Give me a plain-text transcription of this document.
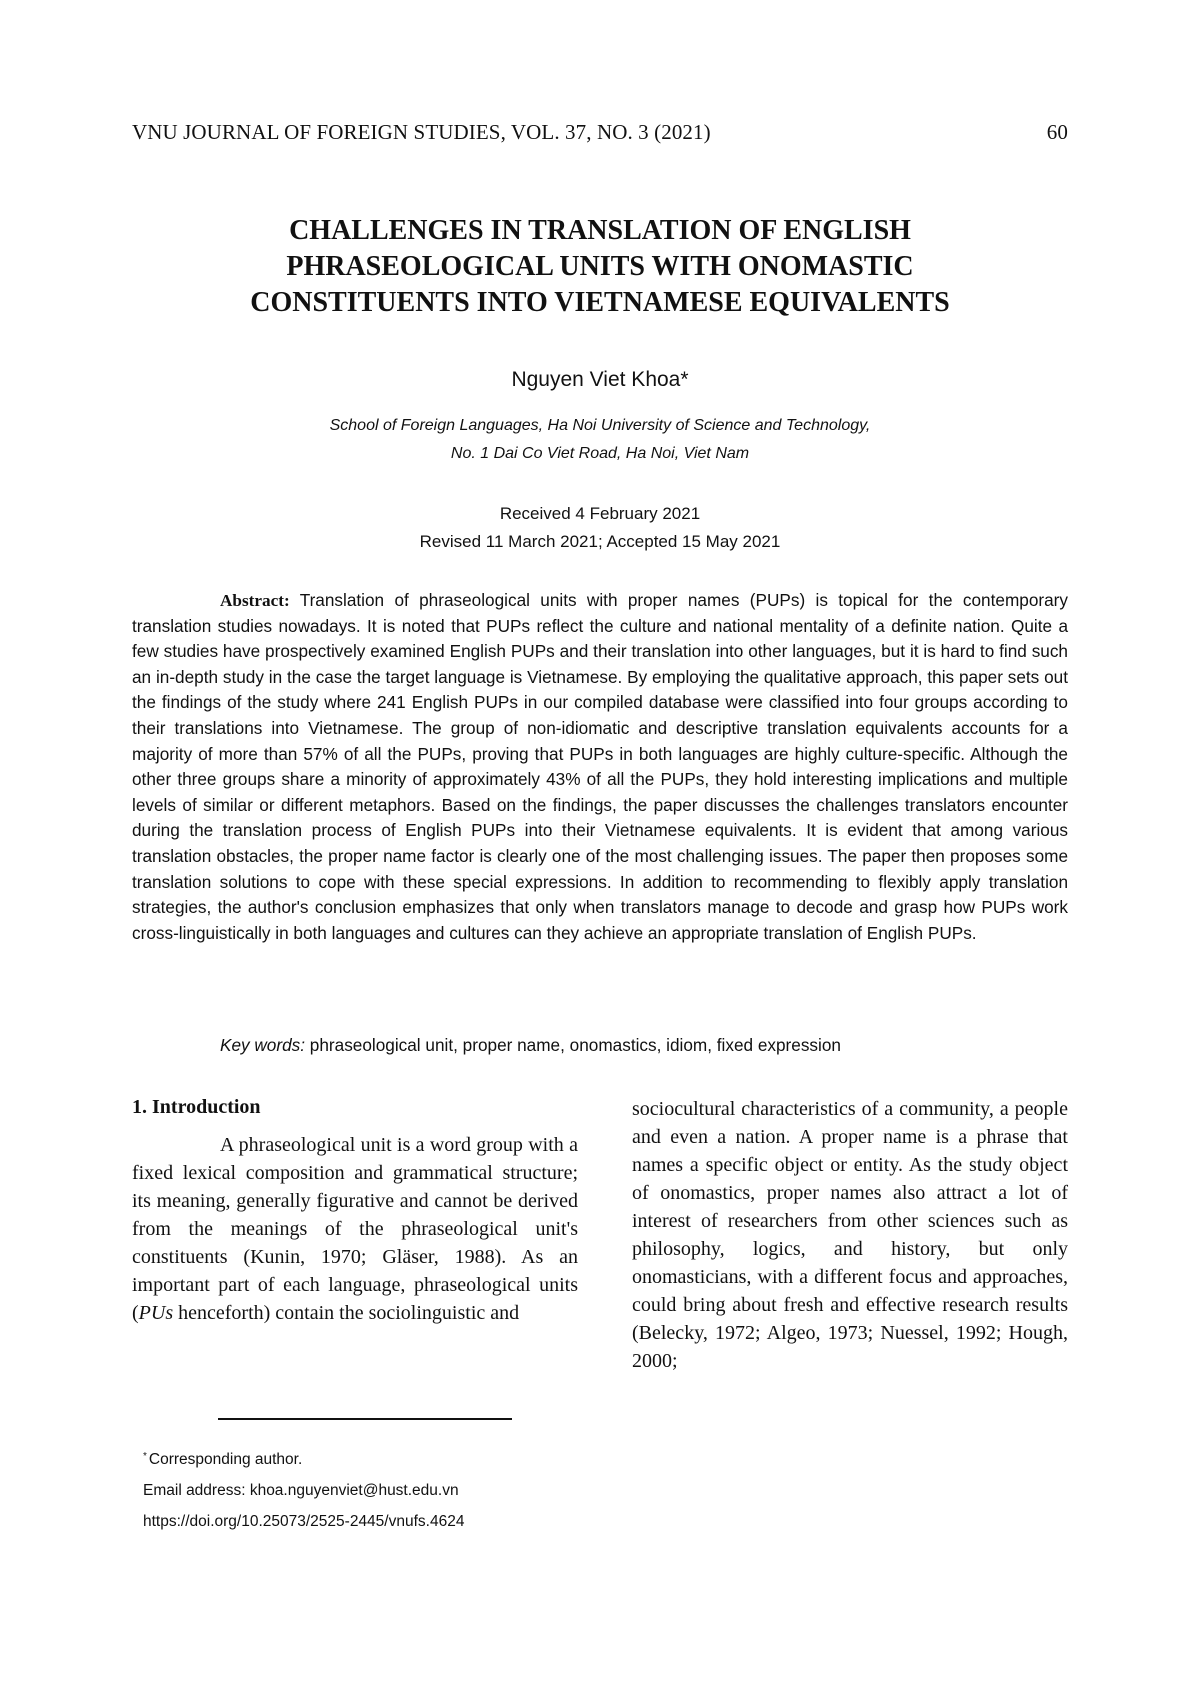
VNU JOURNAL OF FOREIGN STUDIES, VOL. 37, NO. 3 (2021)	60
CHALLENGES IN TRANSLATION OF ENGLISH
PHRASEOLOGICAL UNITS WITH ONOMASTIC
CONSTITUENTS INTO VIETNAMESE EQUIVALENTS
Nguyen Viet Khoa*
School of Foreign Languages, Ha Noi University of Science and Technology,
No. 1 Dai Co Viet Road, Ha Noi, Viet Nam
Received 4 February 2021
Revised 11 March 2021; Accepted 15 May 2021

Abstract: Translation of phraseological units with proper names (PUPs) is topical for the contemporary translation studies nowadays. It is noted that PUPs reflect the culture and national mentality of a definite nation. Quite a few studies have prospectively examined English PUPs and their translation into other languages, but it is hard to find such an in-depth study in the case the target language is Vietnamese. By employing the qualitative approach, this paper sets out the findings of the study where 241 English PUPs in our compiled database were classified into four groups according to their translations into Vietnamese. The group of non-idiomatic and descriptive translation equivalents accounts for a majority of more than 57% of all the PUPs, proving that PUPs in both languages are highly culture-specific. Although the other three groups share a minority of approximately 43% of all the PUPs, they hold interesting implications and multiple levels of similar or different metaphors. Based on the findings, the paper discusses the challenges translators encounter during the translation process of English PUPs into their Vietnamese equivalents. It is evident that among various translation obstacles, the proper name factor is clearly one of the most challenging issues. The paper then proposes some translation solutions to cope with these special expressions. In addition to recommending to flexibly apply translation strategies, the author's conclusion emphasizes that only when translators manage to decode and grasp how PUPs work cross-linguistically in both languages and cultures can they achieve an appropriate translation of English PUPs.

Key words: phraseological unit, proper name, onomastics, idiom, fixed expression
1. Introduction

A phraseological unit is a word group with a fixed lexical composition and grammatical structure; its meaning, generally figurative and cannot be derived from the meanings of the phraseological unit's constituents (Kunin, 1970; Gläser, 1988). As an important part of each language, phraseological units (PUs henceforth) contain the sociolinguistic and

sociocultural characteristics of a community, a people and even a nation. A proper name is a phrase that names a specific object or entity. As the study object of onomastics, proper names also attract a lot of interest of researchers from other sciences such as philosophy, logics, and history, but only onomasticians, with a different focus and approaches, could bring about fresh and effective research results (Belecky, 1972; Algeo, 1973; Nuessel, 1992; Hough, 2000;

* Corresponding author.
Email address: khoa.nguyenviet@hust.edu.vn
https://doi.org/10.25073/2525-2445/vnufs.4624
